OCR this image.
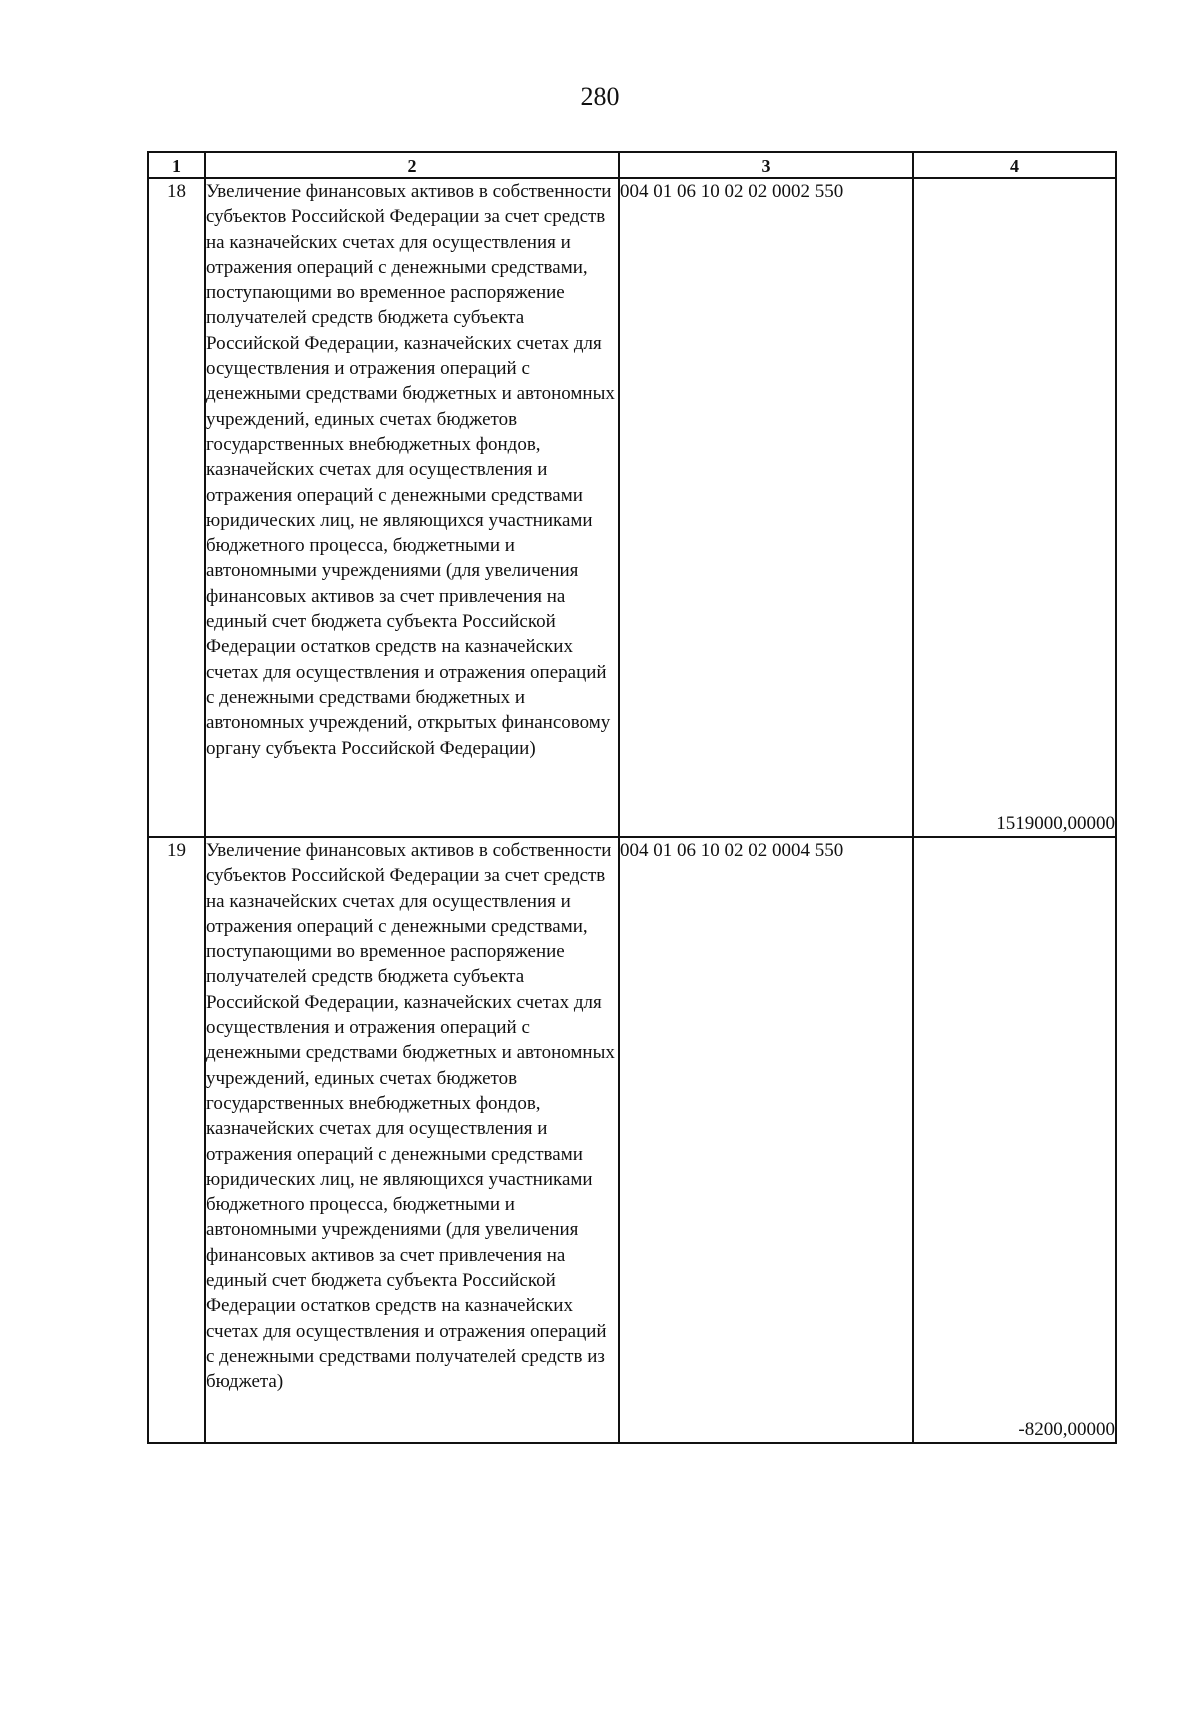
280
1	2	3	4
18	Увеличение финансовых активов в собственности субъектов Российской Федерации за счет средств на казначейских счетах для осуществления и отражения операций с денежными средствами, поступающими во временное распоряжение получателей средств бюджета субъекта Российской Федерации, казначейских счетах для осуществления и отражения операций с денежными средствами бюджетных и автономных учреждений, единых счетах бюджетов государственных внебюджетных фондов, казначейских счетах для осуществления и отражения операций с денежными средствами юридических лиц, не являющихся участниками бюджетного процесса, бюджетными и автономными учреждениями (для увеличения финансовых активов за счет привлечения на единый счет бюджета субъекта Российской Федерации остатков средств на казначейских счетах для осуществления и отражения операций с денежными средствами бюджетных и автономных учреждений, открытых финансовому органу субъекта Российской Федерации)	004 01 06 10 02 02 0002 550	1519000,00000
19	Увеличение финансовых активов в собственности субъектов Российской Федерации за счет средств на казначейских счетах для осуществления и отражения операций с денежными средствами, поступающими во временное распоряжение получателей средств бюджета субъекта Российской Федерации, казначейских счетах для осуществления и отражения операций с денежными средствами бюджетных и автономных учреждений, единых счетах бюджетов государственных внебюджетных фондов, казначейских счетах для осуществления и отражения операций с денежными средствами юридических лиц, не являющихся участниками бюджетного процесса, бюджетными и автономными учреждениями (для увеличения финансовых активов за счет привлечения на единый счет бюджета субъекта Российской Федерации остатков средств на казначейских счетах для осуществления и отражения операций с денежными средствами получателей средств из бюджета)	004 01 06 10 02 02 0004 550	-8200,00000
